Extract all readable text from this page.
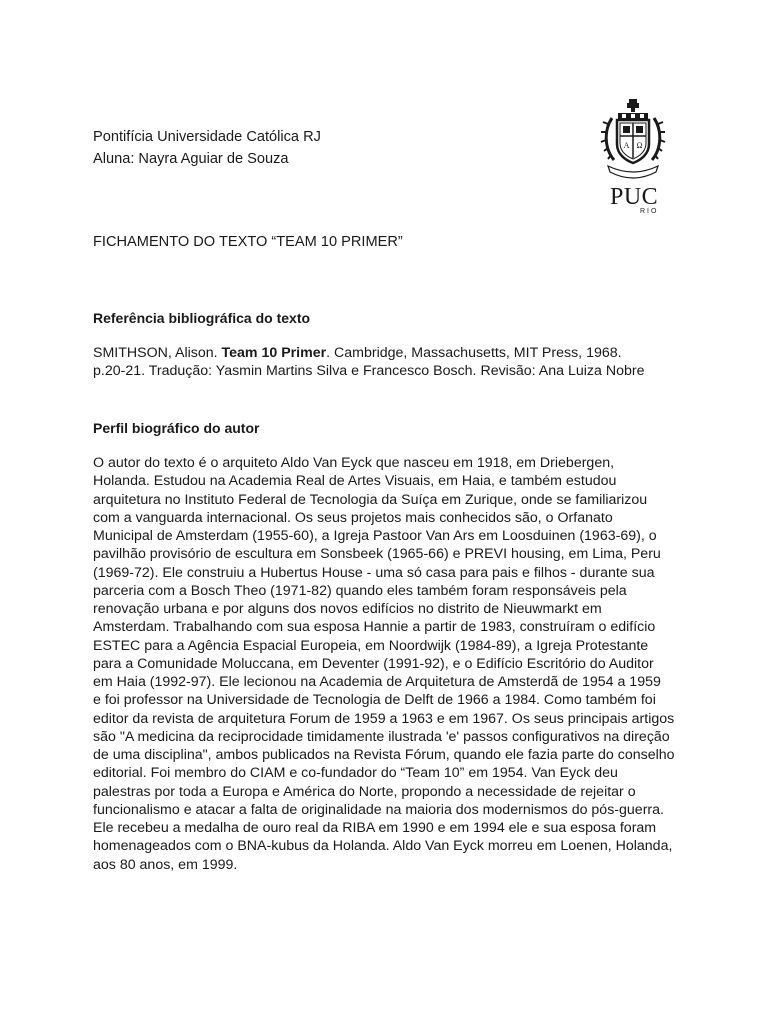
Pontifícia Universidade Católica RJ
Aluna: Nayra Aguiar de Souza
A Ω
PUC
RIO
FICHAMENTO DO TEXTO “TEAM 10 PRIMER”
Referência bibliográfica do texto
SMITHSON, Alison. Team 10 Primer. Cambridge, Massachusetts, MIT Press, 1968.
p.20-21. Tradução: Yasmin Martins Silva e Francesco Bosch. Revisão: Ana Luiza Nobre
Perfil biográfico do autor
O autor do texto é o arquiteto Aldo Van Eyck que nasceu em 1918, em Driebergen,
Holanda. Estudou na Academia Real de Artes Visuais, em Haia, e também estudou
arquitetura no Instituto Federal de Tecnologia da Suíça em Zurique, onde se familiarizou
com a vanguarda internacional. Os seus projetos mais conhecidos são, o Orfanato
Municipal de Amsterdam (1955-60), a Igreja Pastoor Van Ars em Loosduinen (1963-69), o
pavilhão provisório de escultura em Sonsbeek (1965-66) e PREVI housing, em Lima, Peru
(1969-72). Ele construiu a Hubertus House - uma só casa para pais e filhos - durante sua
parceria com a Bosch Theo (1971-82) quando eles também foram responsáveis pela
renovação urbana e por alguns dos novos edifícios no distrito de Nieuwmarkt em
Amsterdam. Trabalhando com sua esposa Hannie a partir de 1983, construíram o edifício
ESTEC para a Agência Espacial Europeia, em Noordwijk (1984-89), a Igreja Protestante
para a Comunidade Moluccana, em Deventer (1991-92), e o Edifício Escritório do Auditor
em Haia (1992-97). Ele lecionou na Academia de Arquitetura de Amsterdã de 1954 a 1959
e foi professor na Universidade de Tecnologia de Delft de 1966 a 1984. Como também foi
editor da revista de arquitetura Forum de 1959 a 1963 e em 1967. Os seus principais artigos
são "A medicina da reciprocidade timidamente ilustrada 'e' passos configurativos na direção
de uma disciplina", ambos publicados na Revista Fórum, quando ele fazia parte do conselho
editorial. Foi membro do CIAM e co-fundador do “Team 10” em 1954. Van Eyck deu
palestras por toda a Europa e América do Norte, propondo a necessidade de rejeitar o
funcionalismo e atacar a falta de originalidade na maioria dos modernismos do pós-guerra.
Ele recebeu a medalha de ouro real da RIBA em 1990 e em 1994 ele e sua esposa foram
homenageados com o BNA-kubus da Holanda. Aldo Van Eyck morreu em Loenen, Holanda,
aos 80 anos, em 1999.
